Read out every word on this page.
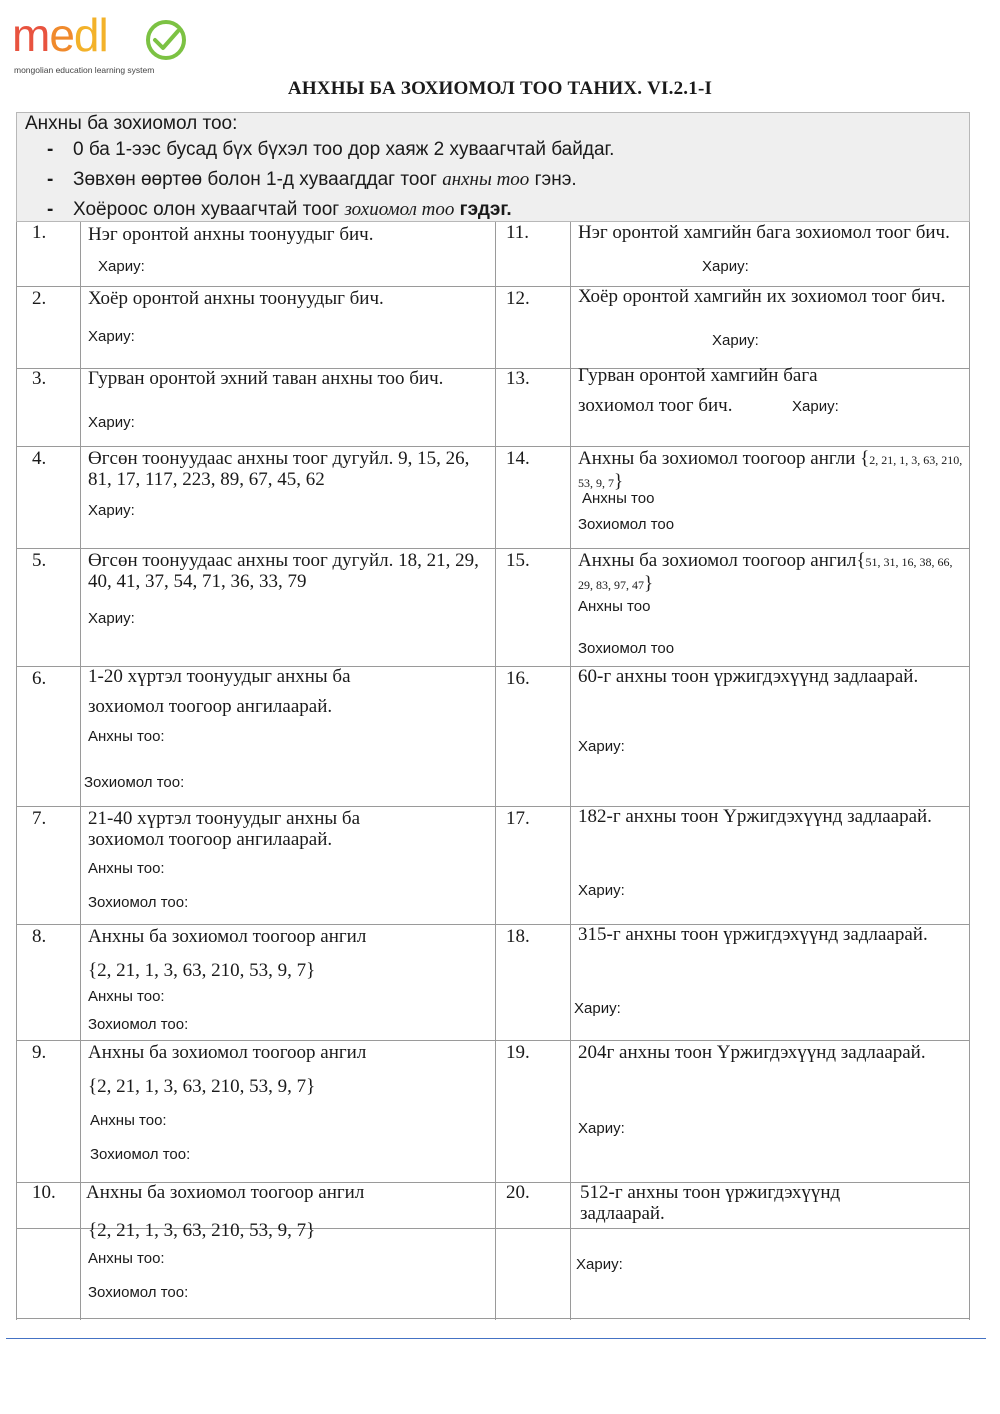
medl
mongolian education learning system
АНХНЫ БА ЗОХИОМОЛ ТОО ТАНИХ. VI.2.1-I
Анхны ба зохиомол тоо:
- 0 ба 1-ээс бусад бүх бүхэл тоо дор хаяж 2 хуваагчтай байдаг.
- Зөвхөн өөртөө болон 1-д хуваагддаг тоог анхны тоо гэнэ.
- Хоёроос олон хуваагчтай тоог зохиомол тоо гэдэг.
1. Нэг оронтой анхны тоонуудыг бич.
Хариу:
11.	Нэг оронтой хамгийн бага зохиомол тоог бич.
Хариу:
2. Хоёр оронтой анхны тоонуудыг бич.
Хариу:
12.	Хоёр оронтой хамгийн их зохиомол тоог бич.
Хариу:
3. Гурван оронтой эхний таван анхны тоо бич.
Хариу:
13.	Гурван оронтой хамгийн бага зохиомол тоог бич.	Хариу:
4. Өгсөн тоонуудаас анхны тоог дугуйл. 9, 15, 26, 81, 17, 117, 223, 89, 67, 45, 62
Хариу:
14.	Анхны ба зохиомол тоогоор англи {2, 21, 1, 3, 63, 210, 53, 9, 7}
Анхны тоо
Зохиомол тоо
5. Өгсөн тоонуудаас анхны тоог дугуйл. 18, 21, 29, 40, 41, 37, 54, 71, 36, 33, 79
Хариу:
15.	Анхны ба зохиомол тоогоор ангил{51, 31, 16, 38, 66, 29, 83, 97, 47}
Анхны тоо
Зохиомол тоо
6. 1-20 хүртэл тоонуудыг анхны ба зохиомол тоогоор ангилаарай.
Анхны тоо:
Зохиомол тоо:
16.	60-г анхны тоон үржигдэхүүнд задлаарай.
Хариу:
7. 21-40 хүртэл тоонуудыг анхны ба зохиомол тоогоор ангилаарай.
Анхны тоо:
Зохиомол тоо:
17.	182-г анхны тоон Үржигдэхүүнд задлаарай.
Хариу:
8. Анхны ба зохиомол тоогоор ангил
{2, 21, 1, 3, 63, 210, 53, 9, 7}
Анхны тоо:
Зохиомол тоо:
18.	315-г анхны тоон үржигдэхүүнд задлаарай.
Хариу:
9. Анхны ба зохиомол тоогоор ангил
{2, 21, 1, 3, 63, 210, 53, 9, 7}
Анхны тоо:
Зохиомол тоо:
19.	204г анхны тоон Үржигдэхүүнд задлаарай.
Хариу:
10. Анхны ба зохиомол тоогоор ангил
{2, 21, 1, 3, 63, 210, 53, 9, 7}
Анхны тоо:
Зохиомол тоо:
20.	512-г анхны тоон үржигдэхүүнд задлаарай.
Хариу:
